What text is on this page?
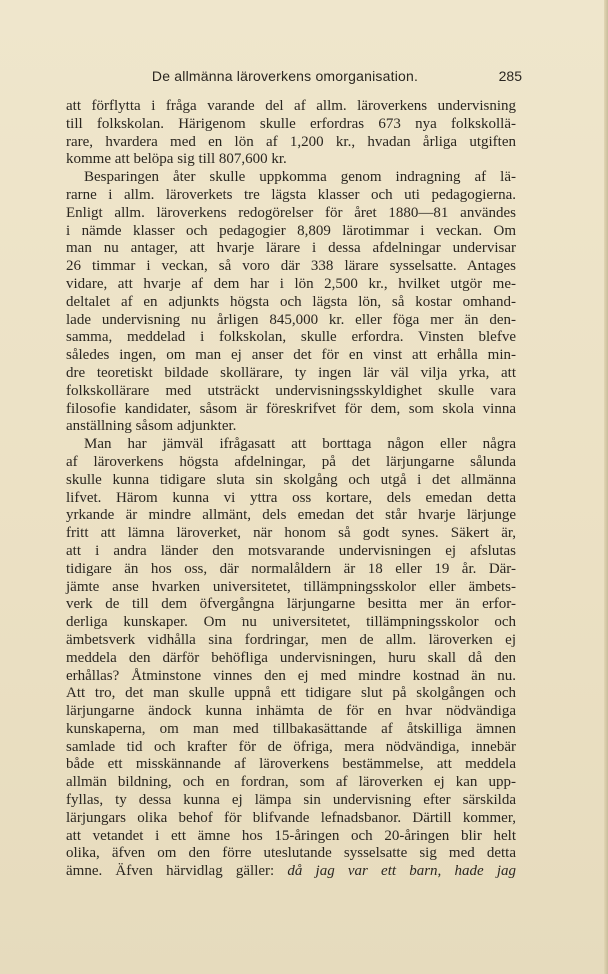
De allmänna läroverkens omorganisation.	285
att förflytta i fråga varande del af allm. läroverkens undervisning
till folkskolan. Härigenom skulle erfordras 673 nya folkskollä-
rare, hvardera med en lön af 1,200 kr., hvadan årliga utgiften
komme att belöpa sig till 807,600 kr.
Besparingen åter skulle uppkomma genom indragning af lä-
rarne i allm. läroverkets tre lägsta klasser och uti pedagogierna.
Enligt allm. läroverkens redogörelser för året 1880—81 användes
i nämde klasser och pedagogier 8,809 lärotimmar i veckan. Om
man nu antager, att hvarje lärare i dessa afdelningar undervisar
26 timmar i veckan, så voro där 338 lärare sysselsatte. Antages
vidare, att hvarje af dem har i lön 2,500 kr., hvilket utgör me-
deltalet af en adjunkts högsta och lägsta lön, så kostar omhand-
lade undervisning nu årligen 845,000 kr. eller föga mer än den-
samma, meddelad i folkskolan, skulle erfordra. Vinsten blefve
således ingen, om man ej anser det för en vinst att erhålla min-
dre teoretiskt bildade skollärare, ty ingen lär väl vilja yrka, att
folkskollärare med utsträckt undervisningsskyldighet skulle vara
filosofie kandidater, såsom är föreskrifvet för dem, som skola vinna
anställning såsom adjunkter.
Man har jämväl ifrågasatt att borttaga någon eller några
af läroverkens högsta afdelningar, på det lärjungarne sålunda
skulle kunna tidigare sluta sin skolgång och utgå i det allmänna
lifvet. Härom kunna vi yttra oss kortare, dels emedan detta
yrkande är mindre allmänt, dels emedan det står hvarje lärjunge
fritt att lämna läroverket, när honom så godt synes. Säkert är,
att i andra länder den motsvarande undervisningen ej afslutas
tidigare än hos oss, där normalåldern är 18 eller 19 år. Där-
jämte anse hvarken universitetet, tillämpningsskolor eller ämbets-
verk de till dem öfvergångna lärjungarne besitta mer än erfor-
derliga kunskaper. Om nu universitetet, tillämpningsskolor och
ämbetsverk vidhålla sina fordringar, men de allm. läroverken ej
meddela den därför behöfliga undervisningen, huru skall då den
erhållas? Åtminstone vinnes den ej med mindre kostnad än nu.
Att tro, det man skulle uppnå ett tidigare slut på skolgången och
lärjungarne ändock kunna inhämta de för en hvar nödvändiga
kunskaperna, om man med tillbakasättande af åtskilliga ämnen
samlade tid och krafter för de öfriga, mera nödvändiga, innebär
både ett misskännande af läroverkens bestämmelse, att meddela
allmän bildning, och en fordran, som af läroverken ej kan upp-
fyllas, ty dessa kunna ej lämpa sin undervisning efter särskilda
lärjungars olika behof för blifvande lefnadsbanor. Därtill kommer,
att vetandet i ett ämne hos 15-åringen och 20-åringen blir helt
olika, äfven om den förre uteslutande sysselsatte sig med detta
ämne. Äfven härvidlag gäller: då jag var ett barn, hade jag
